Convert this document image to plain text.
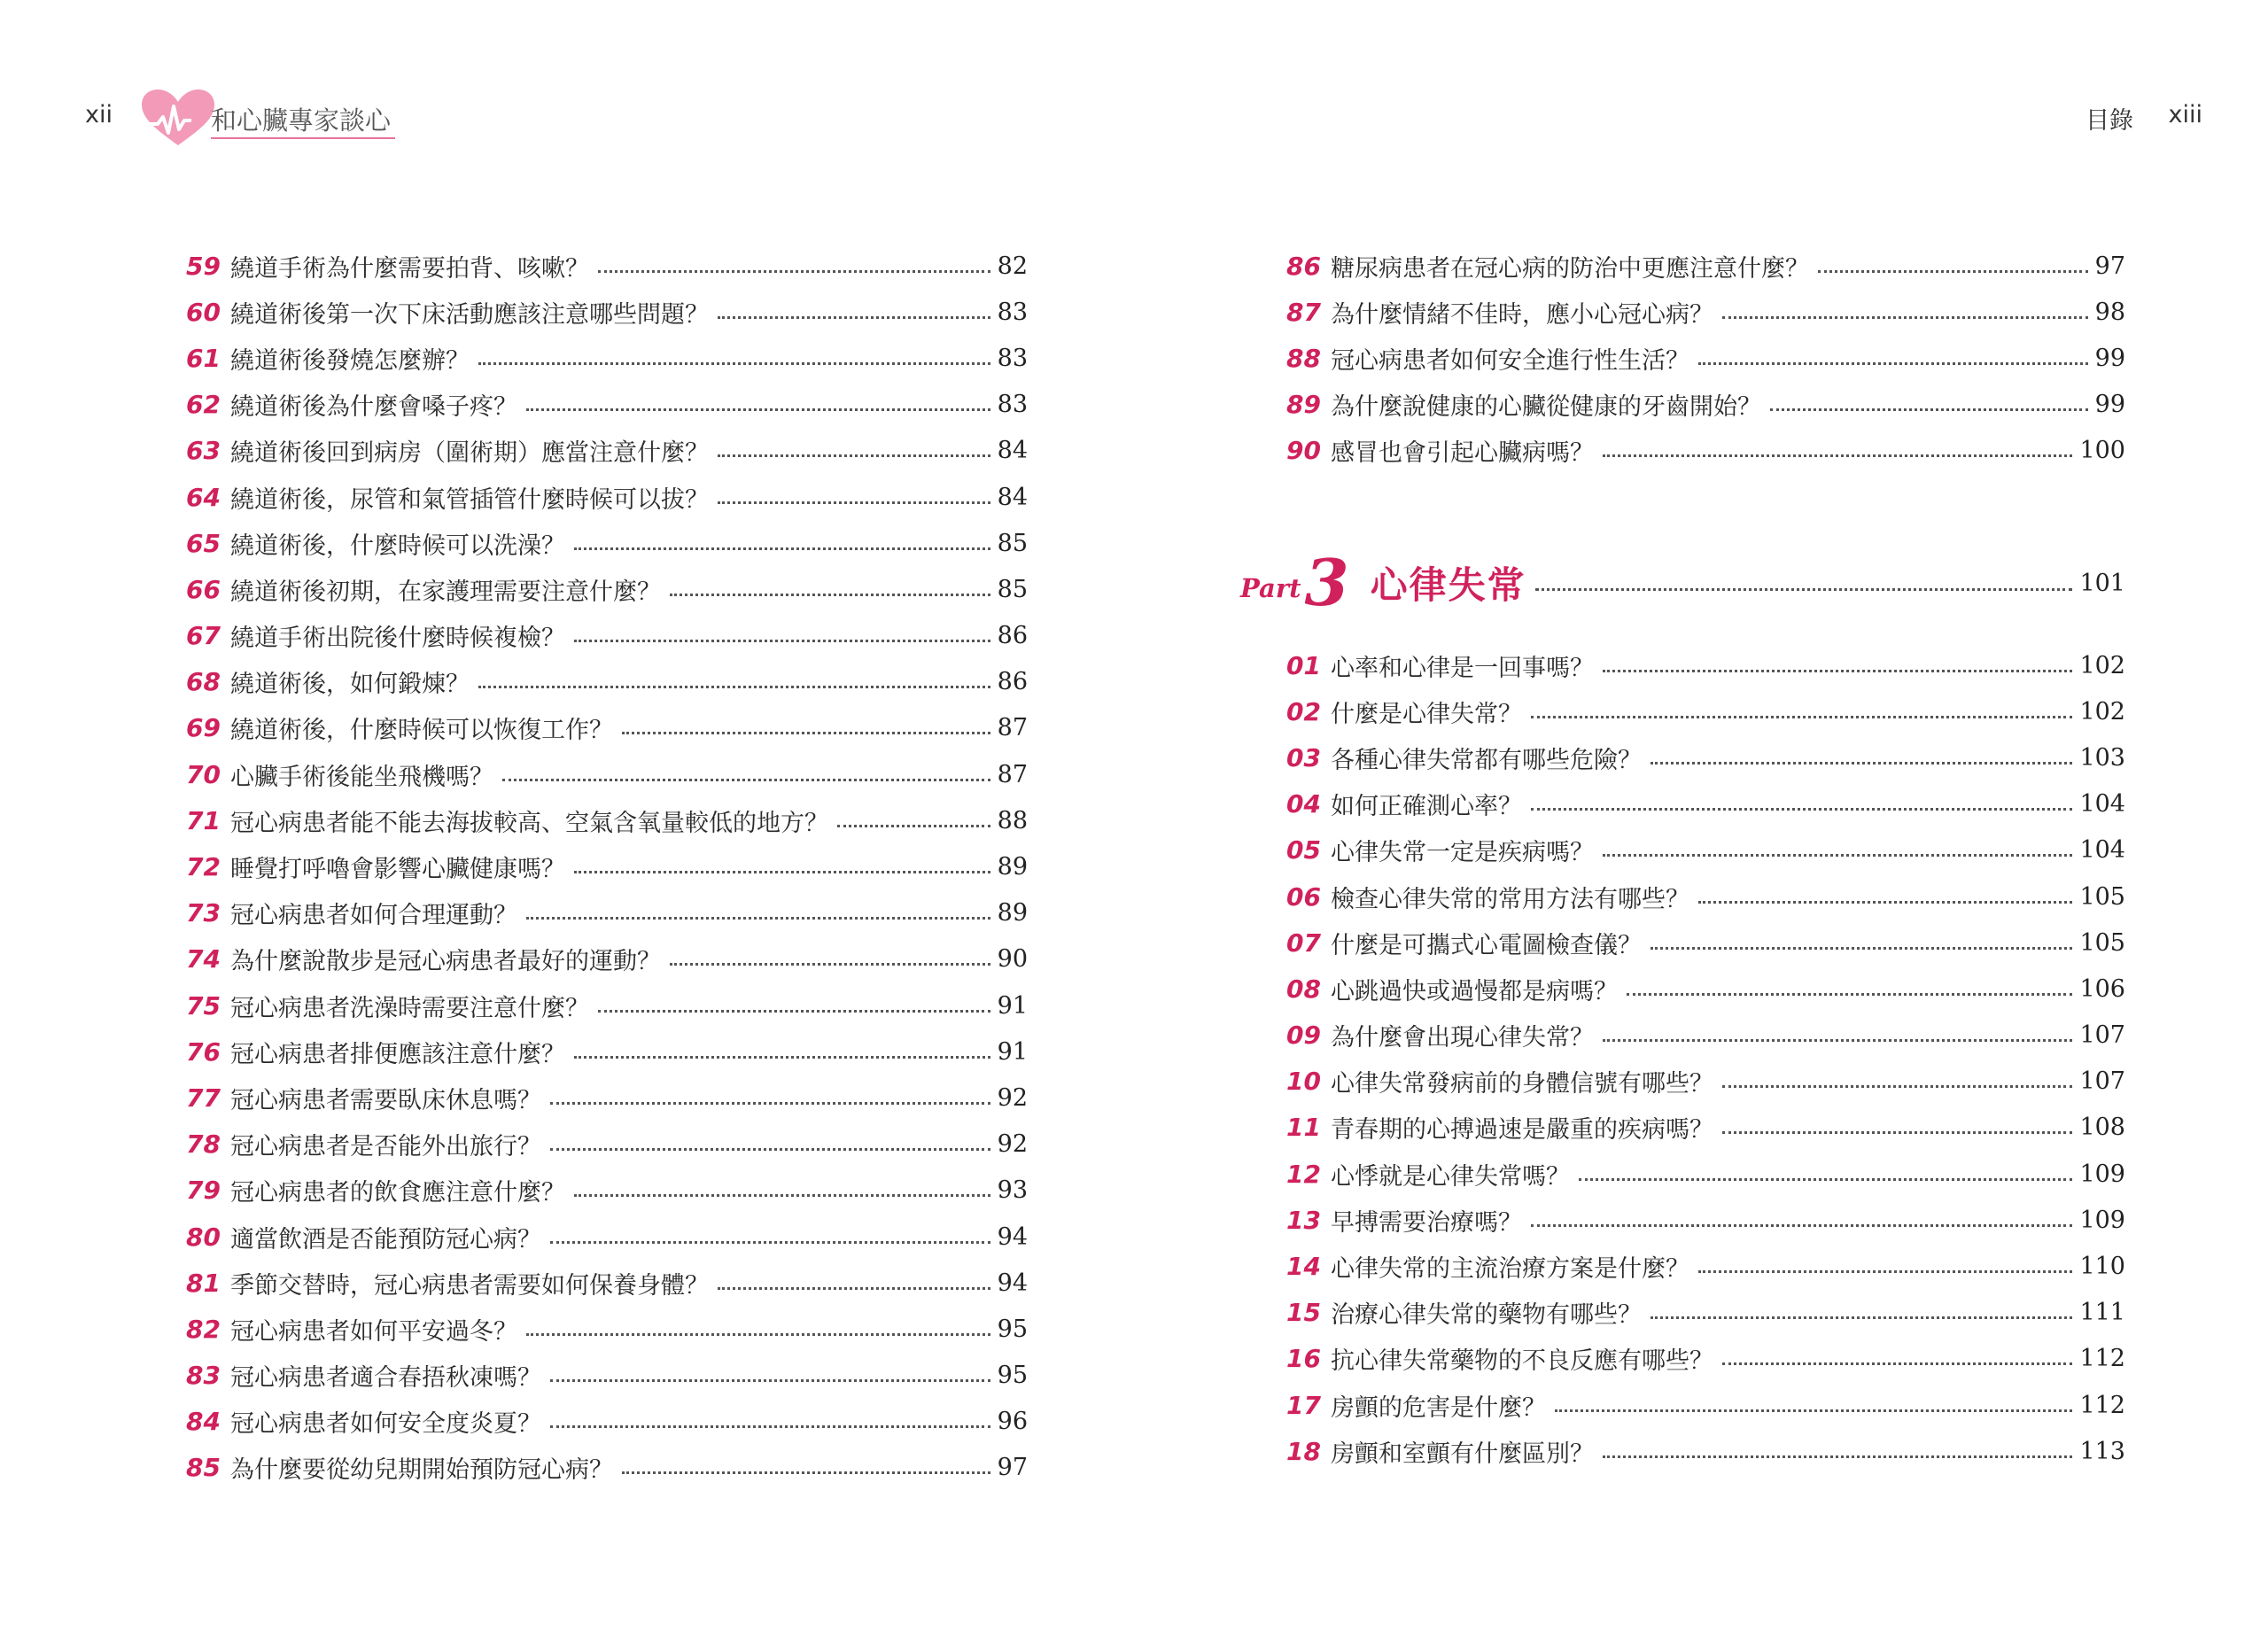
xii	和心臟專家談心
59 繞道手術為什麼需要拍背、咳嗽？	82
60 繞道術後第一次下床活動應該注意哪些問題？	83
61 繞道術後發燒怎麼辦？	83
62 繞道術後為什麼會嗓子疼？	83
63 繞道術後回到病房（圍術期）應當注意什麼？	84
64 繞道術後，尿管和氣管插管什麼時候可以拔？	84
65 繞道術後，什麼時候可以洗澡？	85
66 繞道術後初期，在家護理需要注意什麼？	85
67 繞道手術出院後什麼時候複檢？	86
68 繞道術後，如何鍛煉？	86
69 繞道術後，什麼時候可以恢復工作？	87
70 心臟手術後能坐飛機嗎？	87
71 冠心病患者能不能去海拔較高、空氣含氧量較低的地方？	88
72 睡覺打呼嚕會影響心臟健康嗎？	89
73 冠心病患者如何合理運動？	89
74 為什麼說散步是冠心病患者最好的運動？	90
75 冠心病患者洗澡時需要注意什麼？	91
76 冠心病患者排便應該注意什麼？	91
77 冠心病患者需要臥床休息嗎？	92
78 冠心病患者是否能外出旅行？	92
79 冠心病患者的飲食應注意什麼？	93
80 適當飲酒是否能預防冠心病？	94
81 季節交替時，冠心病患者需要如何保養身體？	94
82 冠心病患者如何平安過冬？	95
83 冠心病患者適合春捂秋凍嗎？	95
84 冠心病患者如何安全度炎夏？	96
85 為什麼要從幼兒期開始預防冠心病？	97
目錄 xiii
86 糖尿病患者在冠心病的防治中更應注意什麼？	97
87 為什麼情緒不佳時，應小心冠心病？	98
88 冠心病患者如何安全進行性生活？	99
89 為什麼說健康的心臟從健康的牙齒開始？	99
90 感冒也會引起心臟病嗎？	100
Part 3 心律失常	101
01 心率和心律是一回事嗎？	102
02 什麼是心律失常？	102
03 各種心律失常都有哪些危險？	103
04 如何正確測心率？	104
05 心律失常一定是疾病嗎？	104
06 檢查心律失常的常用方法有哪些？	105
07 什麼是可攜式心電圖檢查儀？	105
08 心跳過快或過慢都是病嗎？	106
09 為什麼會出現心律失常？	107
10 心律失常發病前的身體信號有哪些？	107
11 青春期的心搏過速是嚴重的疾病嗎？	108
12 心悸就是心律失常嗎？	109
13 早搏需要治療嗎？	109
14 心律失常的主流治療方案是什麼？	110
15 治療心律失常的藥物有哪些？	111
16 抗心律失常藥物的不良反應有哪些？	112
17 房顫的危害是什麼？	112
18 房顫和室顫有什麼區別？	113
